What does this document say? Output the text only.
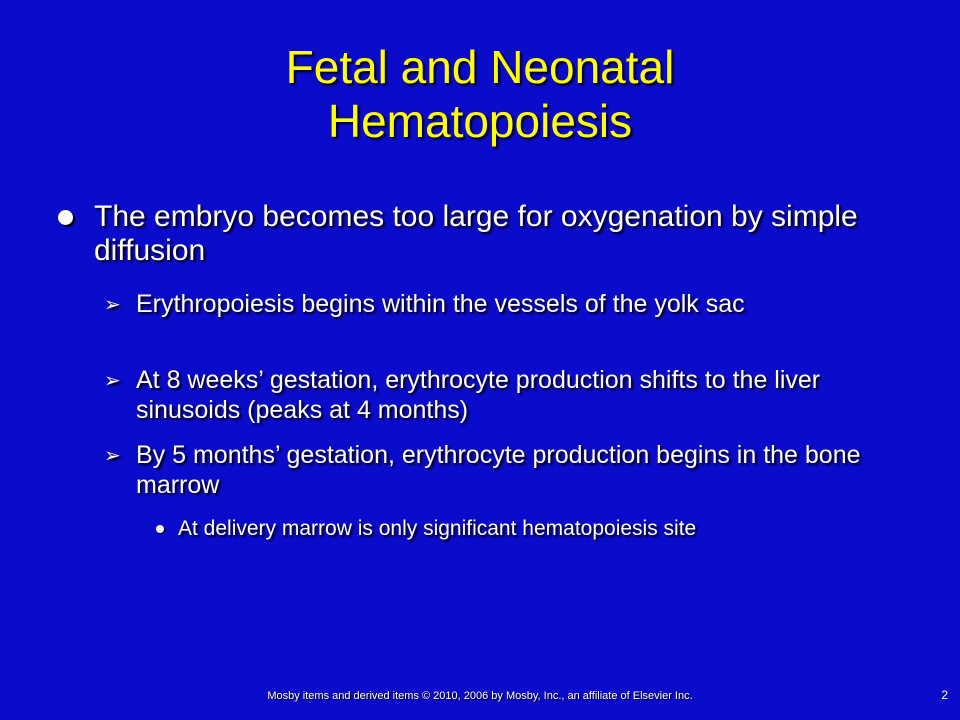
Fetal and Neonatal Hematopoiesis
The embryo becomes too large for oxygenation by simple diffusion
➢ Erythropoiesis begins within the vessels of the yolk sac
➢ At 8 weeks’ gestation, erythrocyte production shifts to the liver sinusoids (peaks at 4 months)
➢ By 5 months’ gestation, erythrocyte production begins in the bone marrow
At delivery marrow is only significant hematopoiesis site
Mosby items and derived items © 2010, 2006 by Mosby, Inc., an affiliate of Elsevier Inc.	2
